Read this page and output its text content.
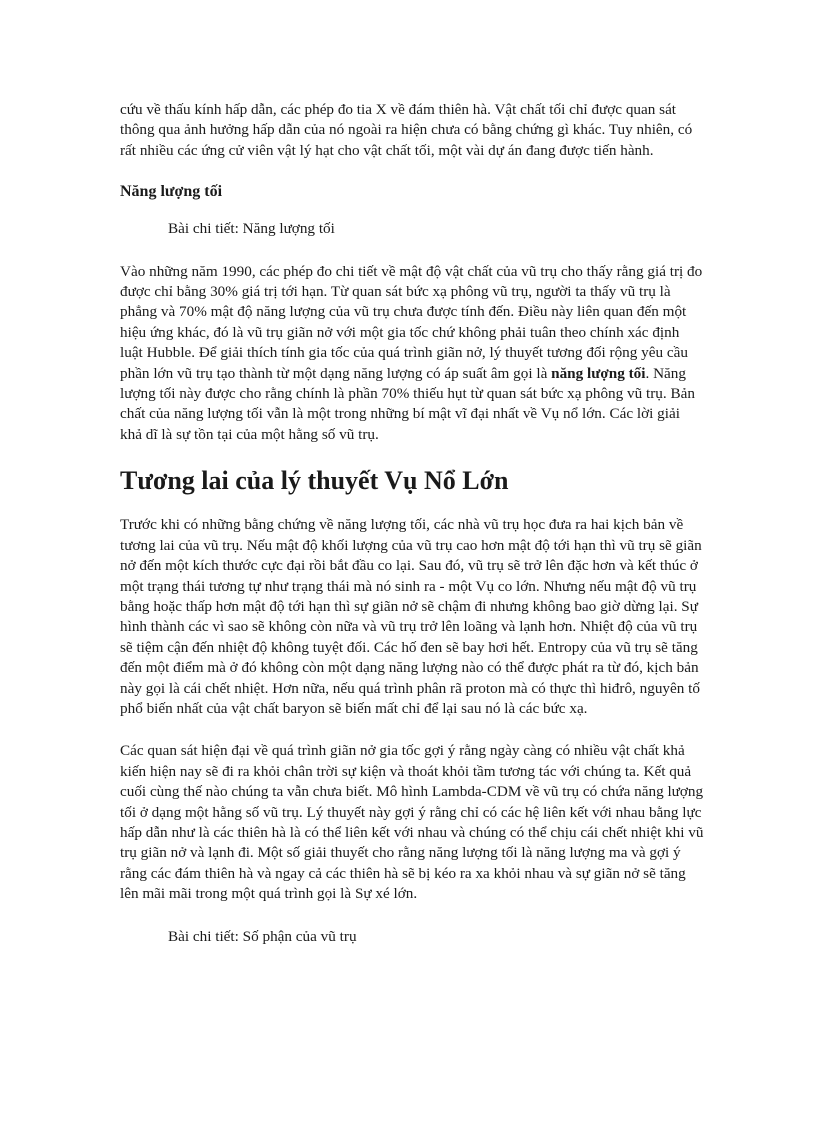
cứu về thấu kính hấp dẫn, các phép đo tia X về đám thiên hà. Vật chất tối chỉ được quan sát thông qua ảnh hưởng hấp dẫn của nó ngoài ra hiện chưa có bằng chứng gì khác. Tuy nhiên, có rất nhiều các ứng cử viên vật lý hạt cho vật chất tối, một vài dự án đang được tiến hành.

Năng lượng tối

Bài chi tiết: Năng lượng tối

Vào những năm 1990, các phép đo chi tiết về mật độ vật chất của vũ trụ cho thấy rằng giá trị đo được chỉ bằng 30% giá trị tới hạn. Từ quan sát bức xạ phông vũ trụ, người ta thấy vũ trụ là phẳng và 70% mật độ năng lượng của vũ trụ chưa được tính đến. Điều này liên quan đến một hiệu ứng khác, đó là vũ trụ giãn nở với một gia tốc chứ không phải tuân theo chính xác định luật Hubble. Để giải thích tính gia tốc của quá trình giãn nở, lý thuyết tương đối rộng yêu cầu phần lớn vũ trụ tạo thành từ một dạng năng lượng có áp suất âm gọi là năng lượng tối. Năng lượng tối này được cho rằng chính là phần 70% thiếu hụt từ quan sát bức xạ phông vũ trụ. Bản chất của năng lượng tối vẫn là một trong những bí mật vĩ đại nhất về Vụ nổ lớn. Các lời giải khả dĩ là sự tồn tại của một hằng số vũ trụ.

Tương lai của lý thuyết Vụ Nổ Lớn

Trước khi có những bằng chứng về năng lượng tối, các nhà vũ trụ học đưa ra hai kịch bản về tương lai của vũ trụ. Nếu mật độ khối lượng của vũ trụ cao hơn mật độ tới hạn thì vũ trụ sẽ giãn nở đến một kích thước cực đại rồi bắt đầu co lại. Sau đó, vũ trụ sẽ trở lên đặc hơn và kết thúc ở một trạng thái tương tự như trạng thái mà nó sinh ra - một Vụ co lớn. Nhưng nếu mật độ vũ trụ bằng hoặc thấp hơn mật độ tới hạn thì sự giãn nở sẽ chậm đi nhưng không bao giờ dừng lại. Sự hình thành các vì sao sẽ không còn nữa và vũ trụ trở lên loãng và lạnh hơn. Nhiệt độ của vũ trụ sẽ tiệm cận đến nhiệt độ không tuyệt đối. Các hố đen sẽ bay hơi hết. Entropy của vũ trụ sẽ tăng đến một điểm mà ở đó không còn một dạng năng lượng nào có thể được phát ra từ đó, kịch bản này gọi là cái chết nhiệt. Hơn nữa, nếu quá trình phân rã proton mà có thực thì hiđrô, nguyên tố phổ biến nhất của vật chất baryon sẽ biến mất chỉ để lại sau nó là các bức xạ.

Các quan sát hiện đại về quá trình giãn nở gia tốc gợi ý rằng ngày càng có nhiều vật chất khả kiến hiện nay sẽ đi ra khỏi chân trời sự kiện và thoát khỏi tầm tương tác với chúng ta. Kết quả cuối cùng thế nào chúng ta vẫn chưa biết. Mô hình Lambda-CDM về vũ trụ có chứa năng lượng tối ở dạng một hằng số vũ trụ. Lý thuyết này gợi ý rằng chỉ có các hệ liên kết với nhau bằng lực hấp dẫn như là các thiên hà là có thể liên kết với nhau và chúng có thể chịu cái chết nhiệt khi vũ trụ giãn nở và lạnh đi. Một số giải thuyết cho rằng năng lượng tối là năng lượng ma và gợi ý rằng các đám thiên hà và ngay cả các thiên hà sẽ bị kéo ra xa khỏi nhau và sự giãn nở sẽ tăng lên mãi mãi trong một quá trình gọi là Sự xé lớn.

Bài chi tiết: Số phận của vũ trụ
